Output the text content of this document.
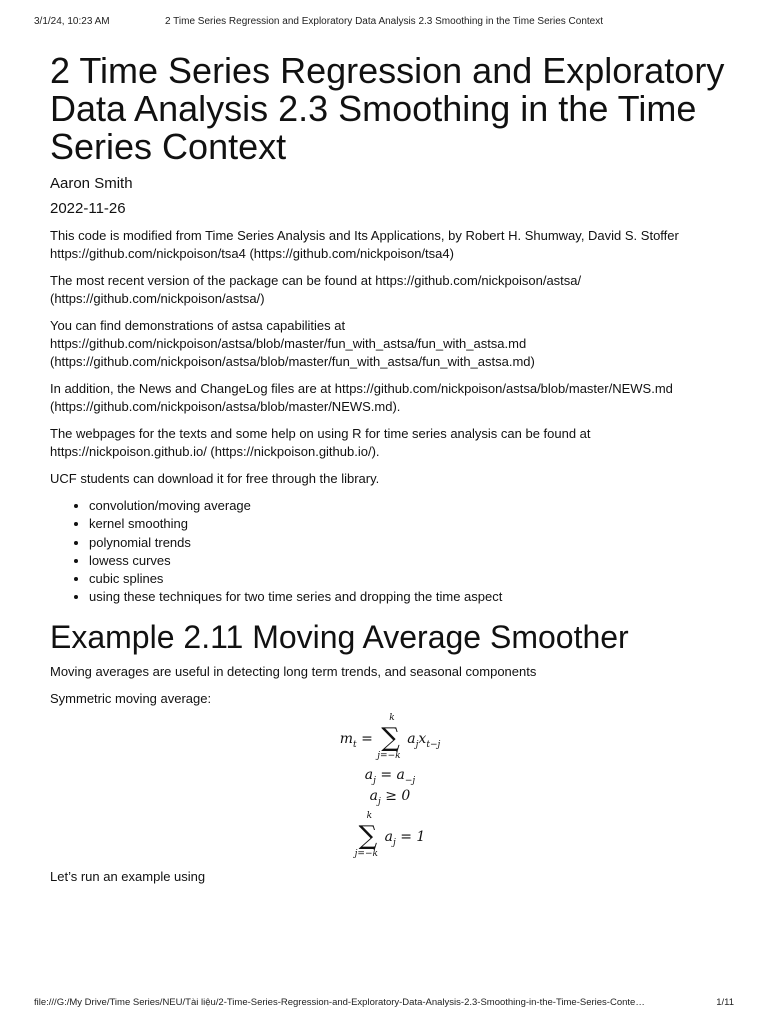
3/1/24, 10:23 AM	2 Time Series Regression and Exploratory Data Analysis 2.3 Smoothing in the Time Series Context
2 Time Series Regression and Exploratory Data Analysis 2.3 Smoothing in the Time Series Context
Aaron Smith
2022-11-26

This code is modified from Time Series Analysis and Its Applications, by Robert H. Shumway, David S. Stoffer https://github.com/nickpoison/tsa4 (https://github.com/nickpoison/tsa4)

The most recent version of the package can be found at https://github.com/nickpoison/astsa/ (https://github.com/nickpoison/astsa/)

You can find demonstrations of astsa capabilities at https://github.com/nickpoison/astsa/blob/master/fun_with_astsa/fun_with_astsa.md (https://github.com/nickpoison/astsa/blob/master/fun_with_astsa/fun_with_astsa.md)

In addition, the News and ChangeLog files are at https://github.com/nickpoison/astsa/blob/master/NEWS.md (https://github.com/nickpoison/astsa/blob/master/NEWS.md).

The webpages for the texts and some help on using R for time series analysis can be found at https://nickpoison.github.io/ (https://nickpoison.github.io/).

UCF students can download it for free through the library.

• convolution/moving average
• kernel smoothing
• polynomial trends
• lowess curves
• cubic splines
• using these techniques for two time series and dropping the time aspect
Example 2.11 Moving Average Smoother

Moving averages are useful in detecting long term trends, and seasonal components

Symmetric moving average:

$m_t$ =
k
∑
j=−k
$a_jx_{t-j}$
$a_j = a_{-j}$
$a_j \ge 0$
k
∑
j=−k
$a_j = 1$

Let’s run an example using

file:///G:/My Drive/Time Series/NEU/Tài liệu/2-Time-Series-Regression-and-Exploratory-Data-Analysis-2.3-Smoothing-in-the-Time-Series-Conte…	1/11
